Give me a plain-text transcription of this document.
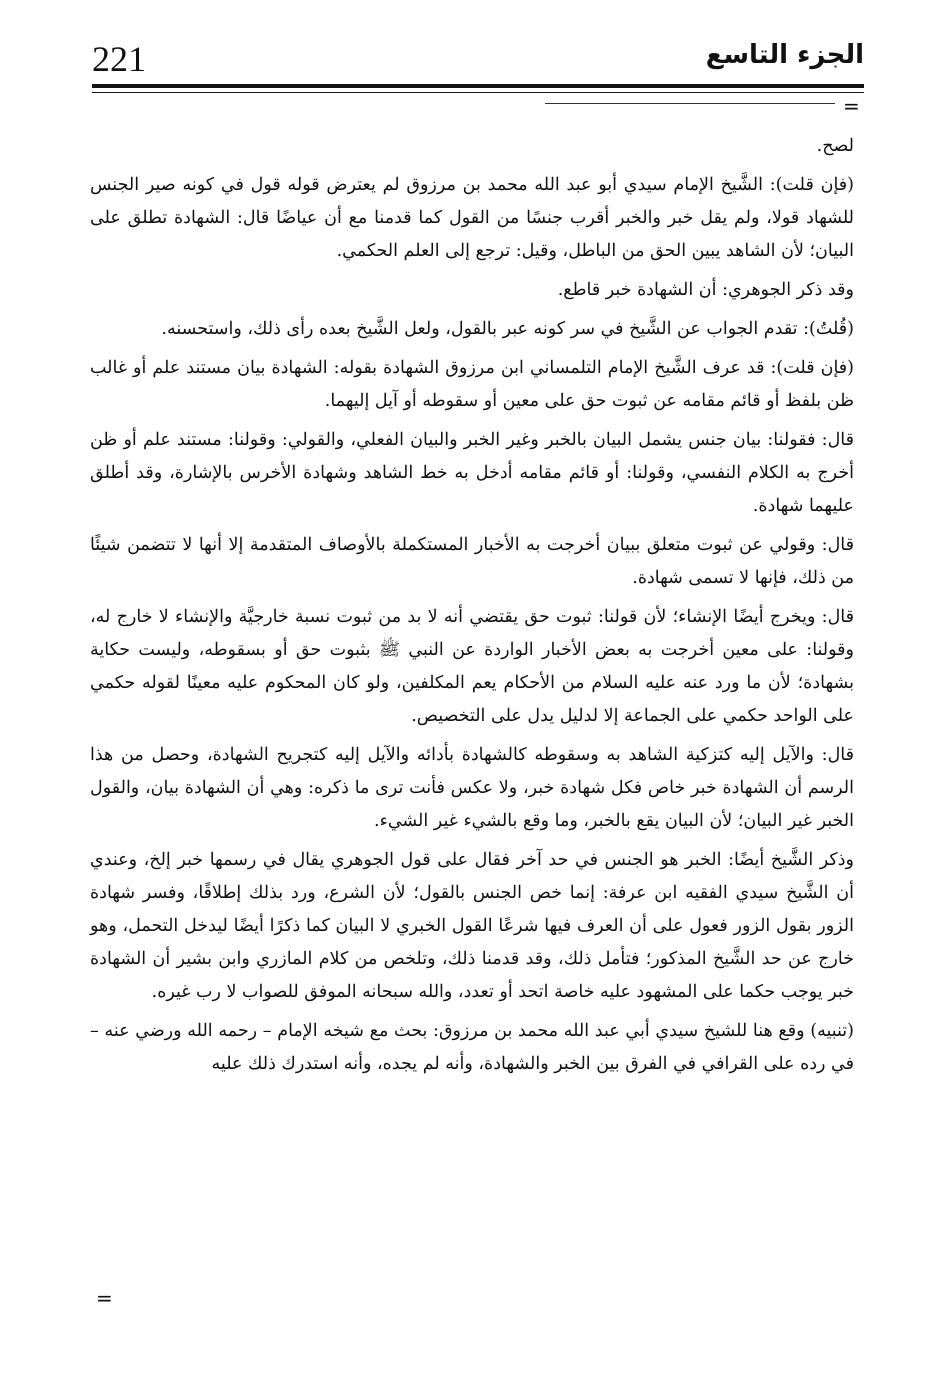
221	الجزء التاسع
=

لصح.

(فإن قلت): الشَّيخ الإمام سيدي أبو عبد الله محمد بن مرزوق لم يعترض قوله قول في كونه صير الجنس للشهاد قولا، ولم يقل خبر والخبر أقرب جنسًا من القول كما قدمنا مع أن عياضًا قال: الشهادة تطلق على البيان؛ لأن الشاهد يبين الحق من الباطل، وقيل: ترجع إلى العلم الحكمي.

وقد ذكر الجوهري: أن الشهادة خبر قاطع.

(قُلتُ): تقدم الجواب عن الشَّيخ في سر كونه عبر بالقول، ولعل الشَّيخ بعده رأى ذلك، واستحسنه.

(فإن قلت): قد عرف الشَّيخ الإمام التلمساني ابن مرزوق الشهادة بقوله: الشهادة بيان مستند علم أو غالب ظن بلفظ أو قائم مقامه عن ثبوت حق على معين أو سقوطه أو آيل إليهما.

قال: فقولنا: بيان جنس يشمل البيان بالخبر وغير الخبر والبيان الفعلي، والقولي: وقولنا: مستند علم أو ظن أخرج به الكلام النفسي، وقولنا: أو قائم مقامه أدخل به خط الشاهد وشهادة الأخرس بالإشارة، وقد أطلق عليهما شهادة.

قال: وقولي عن ثبوت متعلق ببيان أخرجت به الأخبار المستكملة بالأوصاف المتقدمة إلا أنها لا تتضمن شيئًا من ذلك، فإنها لا تسمى شهادة.

قال: ويخرج أيضًا الإنشاء؛ لأن قولنا: ثبوت حق يقتضي أنه لا بد من ثبوت نسبة خارجيَّة والإنشاء لا خارج له، وقولنا: على معين أخرجت به بعض الأخبار الواردة عن النبي ﷺ بثبوت حق أو بسقوطه، وليست حكاية بشهادة؛ لأن ما ورد عنه عليه السلام من الأحكام يعم المكلفين، ولو كان المحكوم عليه معينًا لقوله حكمي على الواحد حكمي على الجماعة إلا لدليل يدل على التخصيص.

قال: والآيل إليه كتزكية الشاهد به وسقوطه كالشهادة بأدائه والآيل إليه كتجريح الشهادة، وحصل من هذا الرسم أن الشهادة خبر خاص فكل شهادة خبر، ولا عكس فأنت ترى ما ذكره: وهي أن الشهادة بيان، والقول الخبر غير البيان؛ لأن البيان يقع بالخبر، وما وقع بالشيء غير الشيء.

وذكر الشَّيخ أيضًا: الخبر هو الجنس في حد آخر فقال على قول الجوهري يقال في رسمها خبر إلخ، وعندي أن الشَّيخ سيدي الفقيه ابن عرفة: إنما خص الجنس بالقول؛ لأن الشرع، ورد بذلك إطلاقًا، وفسر شهادة الزور بقول الزور فعول على أن العرف فيها شرعًا القول الخبري لا البيان كما ذكرًا أيضًا ليدخل التحمل، وهو خارج عن حد الشَّيخ المذكور؛ فتأمل ذلك، وقد قدمنا ذلك، وتلخص من كلام المازري وابن بشير أن الشهادة خبر يوجب حكما على المشهود عليه خاصة اتحد أو تعدد، والله سبحانه الموفق للصواب لا رب غيره.

(تنبيه) وقع هنا للشيخ سيدي أبي عبد الله محمد بن مرزوق: بحث مع شيخه الإمام – رحمه الله ورضي عنه – في رده على القرافي في الفرق بين الخبر والشهادة، وأنه لم يجده، وأنه استدرك ذلك عليه

=
